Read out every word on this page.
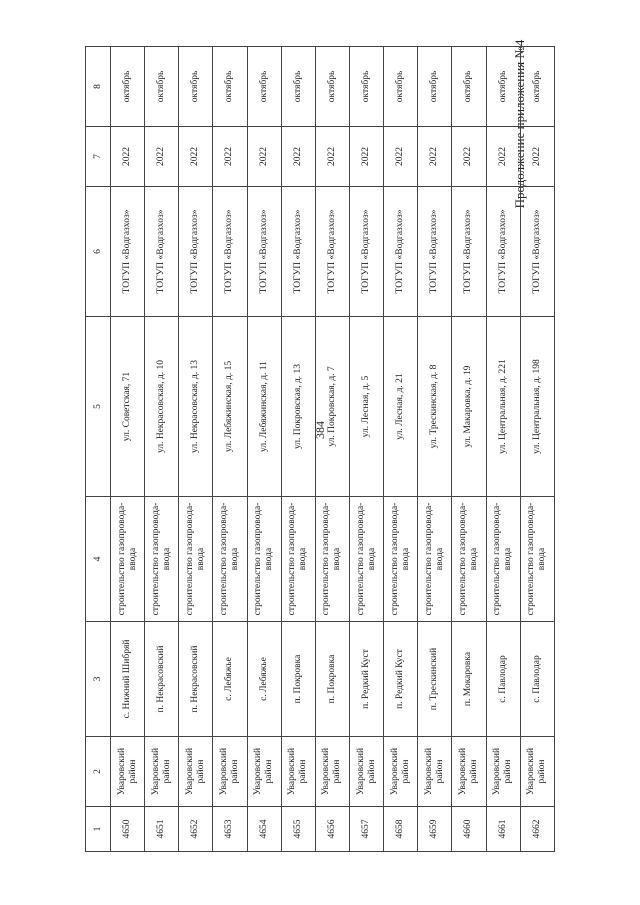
384
Продолжение приложения №4
1	2	3	4	5	6	7	8
4650	Уваровский район	с. Нижний Шибряй	строительство газопровода-ввода	ул. Советская, 71	ТОГУП «Водгазхоз»	2022	октябрь
4651	Уваровский район	п. Некрасовский	строительство газопровода-ввода	ул. Некрасовская, д. 10	ТОГУП «Водгазхоз»	2022	октябрь
4652	Уваровский район	п. Некрасовский	строительство газопровода-ввода	ул. Некрасовская, д. 13	ТОГУП «Водгазхоз»	2022	октябрь
4653	Уваровский район	с. Лебяжье	строительство газопровода-ввода	ул. Лебяжинская, д. 15	ТОГУП «Водгазхоз»	2022	октябрь
4654	Уваровский район	с. Лебяжье	строительство газопровода-ввода	ул. Лебяжинская, д. 11	ТОГУП «Водгазхоз»	2022	октябрь
4655	Уваровский район	п. Покровка	строительство газопровода-ввода	ул. Покровская, д. 13	ТОГУП «Водгазхоз»	2022	октябрь
4656	Уваровский район	п. Покровка	строительство газопровода-ввода	ул. Покровская, д. 7	ТОГУП «Водгазхоз»	2022	октябрь
4657	Уваровский район	п. Редкий Куст	строительство газопровода-ввода	ул. Лесная, д. 5	ТОГУП «Водгазхоз»	2022	октябрь
4658	Уваровский район	п. Редкий Куст	строительство газопровода-ввода	ул. Лесная, д. 21	ТОГУП «Водгазхоз»	2022	октябрь
4659	Уваровский район	п. Трескинский	строительство газопровода-ввода	ул. Трескинская, д. 8	ТОГУП «Водгазхоз»	2022	октябрь
4660	Уваровский район	п. Мокаровка	строительство газопровода-ввода	ул. Макаровка, д. 19	ТОГУП «Водгазхоз»	2022	октябрь
4661	Уваровский район	с. Павлодар	строительство газопровода-ввода	ул. Центральная, д. 221	ТОГУП «Водгазхоз»	2022	октябрь
4662	Уваровский район	с. Павлодар	строительство газопровода-ввода	ул. Центральная, д. 198	ТОГУП «Водгазхоз»	2022	октябрь
